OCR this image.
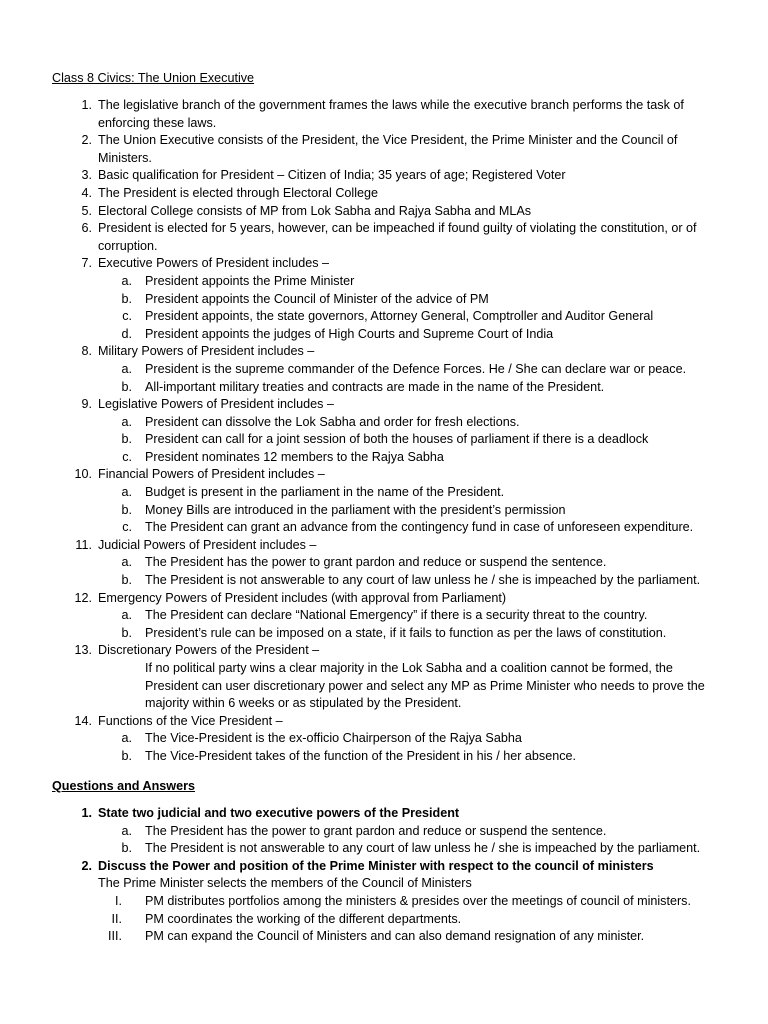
Class 8 Civics: The Union Executive
1. The legislative branch of the government frames the laws while the executive branch performs the task of enforcing these laws.
2. The Union Executive consists of the President, the Vice President, the Prime Minister and the Council of Ministers.
3. Basic qualification for President – Citizen of India; 35 years of age; Registered Voter
4. The President is elected through Electoral College
5. Electoral College consists of MP from Lok Sabha and Rajya Sabha and MLAs
6. President is elected for 5 years, however, can be impeached if found guilty of violating the constitution, or of corruption.
7. Executive Powers of President includes –
a. President appoints the Prime Minister
b. President appoints the Council of Minister of the advice of PM
c. President appoints, the state governors, Attorney General, Comptroller and Auditor General
d. President appoints the judges of High Courts and Supreme Court of India
8. Military Powers of President includes –
a. President is the supreme commander of the Defence Forces. He / She can declare war or peace.
b. All-important military treaties and contracts are made in the name of the President.
9. Legislative Powers of President includes –
a. President can dissolve the Lok Sabha and order for fresh elections.
b. President can call for a joint session of both the houses of parliament if there is a deadlock
c. President nominates 12 members to the Rajya Sabha
10. Financial Powers of President includes –
a. Budget is present in the parliament in the name of the President.
b. Money Bills are introduced in the parliament with the president’s permission
c. The President can grant an advance from the contingency fund in case of unforeseen expenditure.
11. Judicial Powers of President includes –
a. The President has the power to grant pardon and reduce or suspend the sentence.
b. The President is not answerable to any court of law unless he / she is impeached by the parliament.
12. Emergency Powers of President includes (with approval from Parliament)
a. The President can declare “National Emergency” if there is a security threat to the country.
b. President’s rule can be imposed on a state, if it fails to function as per the laws of constitution.
13. Discretionary Powers of the President –
If no political party wins a clear majority in the Lok Sabha and a coalition cannot be formed, the President can user discretionary power and select any MP as Prime Minister who needs to prove the majority within 6 weeks or as stipulated by the President.
14. Functions of the Vice President –
a. The Vice-President is the ex-officio Chairperson of the Rajya Sabha
b. The Vice-President takes of the function of the President in his / her absence.
Questions and Answers
1. State two judicial and two executive powers of the President
a. The President has the power to grant pardon and reduce or suspend the sentence.
b. The President is not answerable to any court of law unless he / she is impeached by the parliament.
2. Discuss the Power and position of the Prime Minister with respect to the council of ministers
The Prime Minister selects the members of the Council of Ministers
I. PM distributes portfolios among the ministers & presides over the meetings of council of ministers.
II. PM coordinates the working of the different departments.
III. PM can expand the Council of Ministers and can also demand resignation of any minister.
